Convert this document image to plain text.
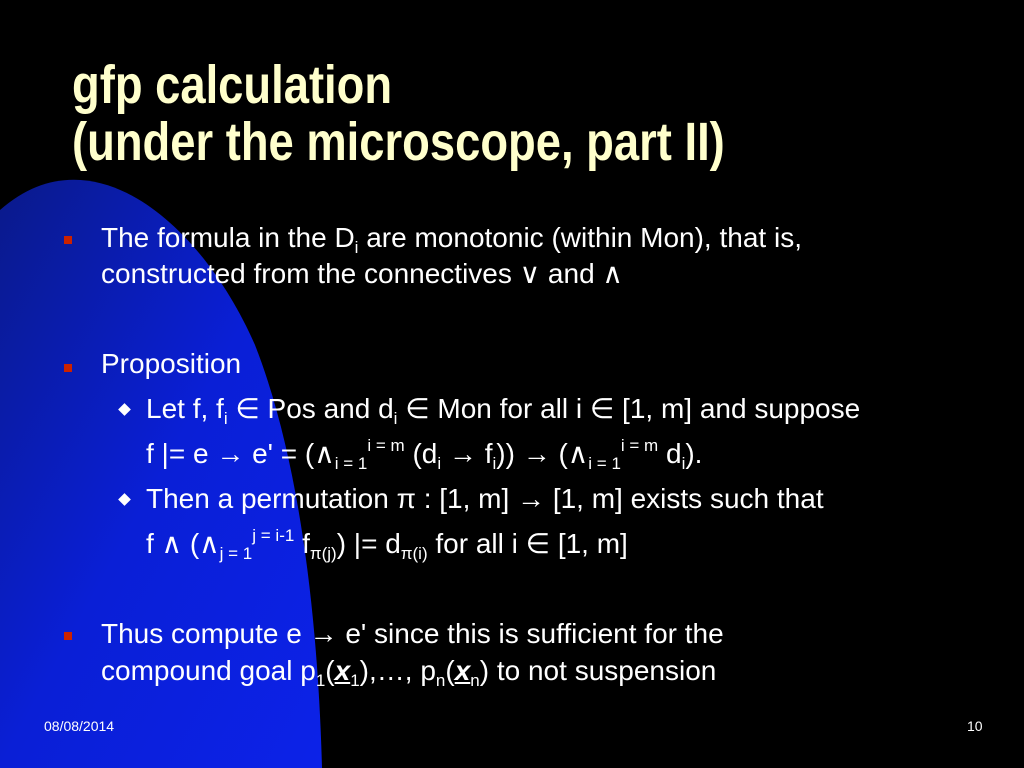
gfp calculation
(under the microscope, part II)
The formula in the $D_i$ are monotonic (within Mon), that is,
constructed from the connectives ∨ and ∧
Proposition
Let f, $f_i$ ∈ Pos and $d_i$ ∈ Mon for all i ∈ [1, m] and suppose
f |= $e \to e' = (\wedge_{i = 1}^{i = m}$ $(d_i \to f_i)$) → ($\wedge_{i = 1}^{i = m}$ $d_i$).
Then a permutation π : [1, m] → [1, m] exists such that
f ∧ ($\wedge_{j = 1}^{j = i-1}$ $f_{\pi(j)}$) |= $d_{\pi(i)}$ for all i ∈ [1, m]
Thus compute e → e' since this is sufficient for the
compound goal $p_1(x_1),\dots$, $p_n(x_n)$ to not suspension
08/08/2014	10
